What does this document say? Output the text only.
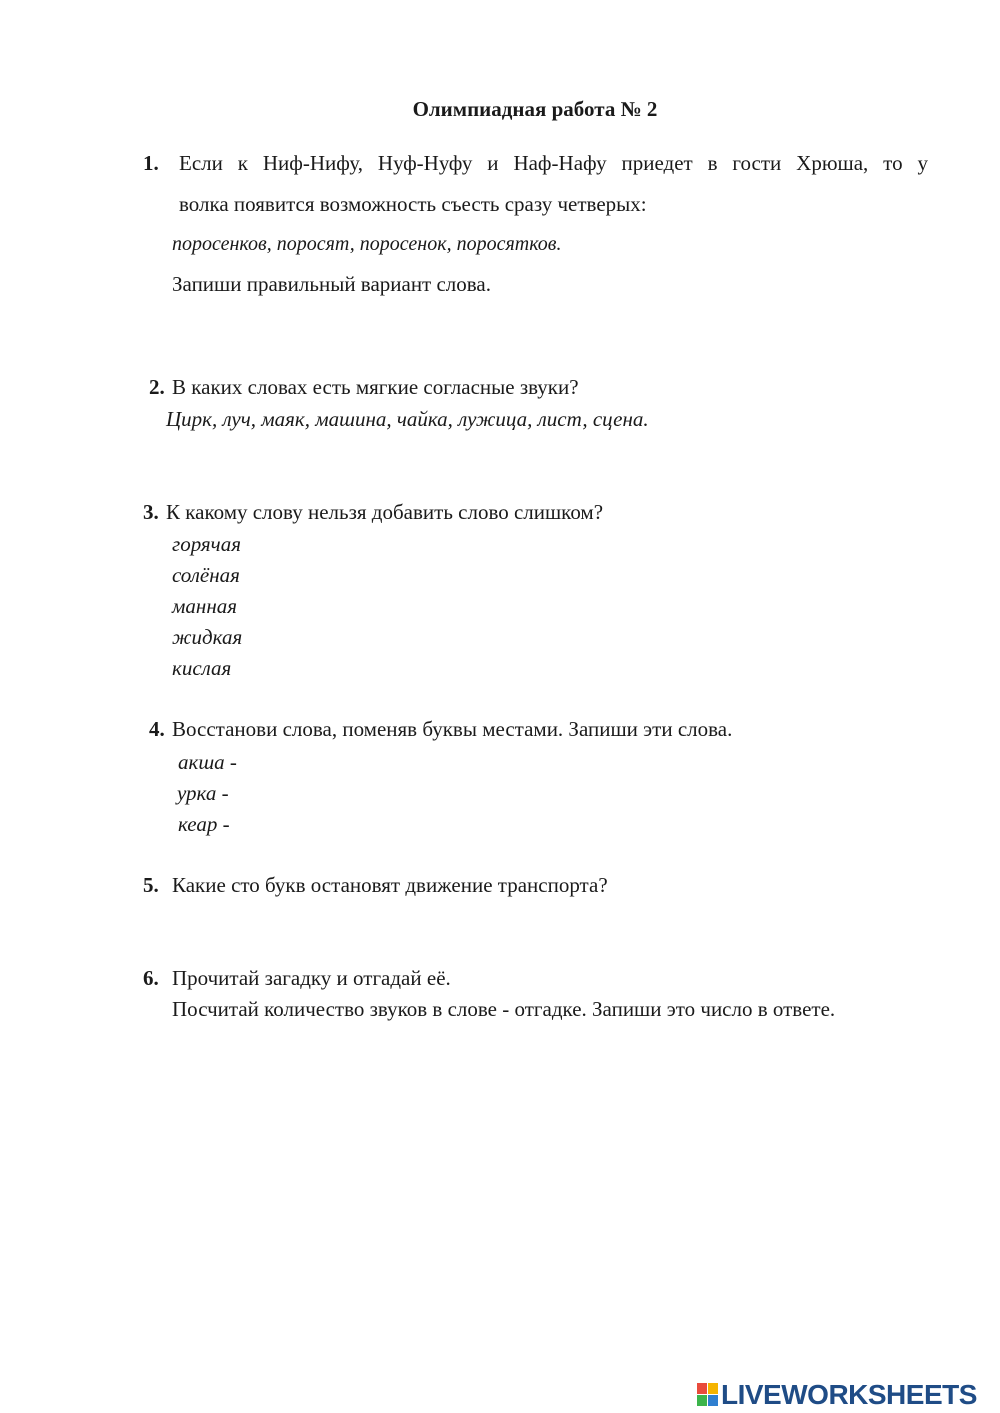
Олимпиадная работа № 2
1. Если к Ниф-Нифу, Нуф-Нуфу и Наф-Нафу приедет в гости Хрюша, то у
волка появится возможность съесть сразу четверых:
поросенков, поросят, поросенок, поросятков.
Запиши правильный вариант слова.
2. В каких словах есть мягкие согласные звуки?
Цирк, луч, маяк, машина, чайка, лужица, лист, сцена.
3. К какому слову нельзя добавить слово слишком?
горячая
солёная
манная
жидкая
кислая
4. Восстанови слова, поменяв буквы местами. Запиши эти слова.
акша -
урка -
кеар -
5. Какие сто букв остановят движение транспорта?
6. Прочитай загадку и отгадай её.
Посчитай количество звуков в слове - отгадке. Запиши это число в ответе.
LIVEWORKSHEETS
